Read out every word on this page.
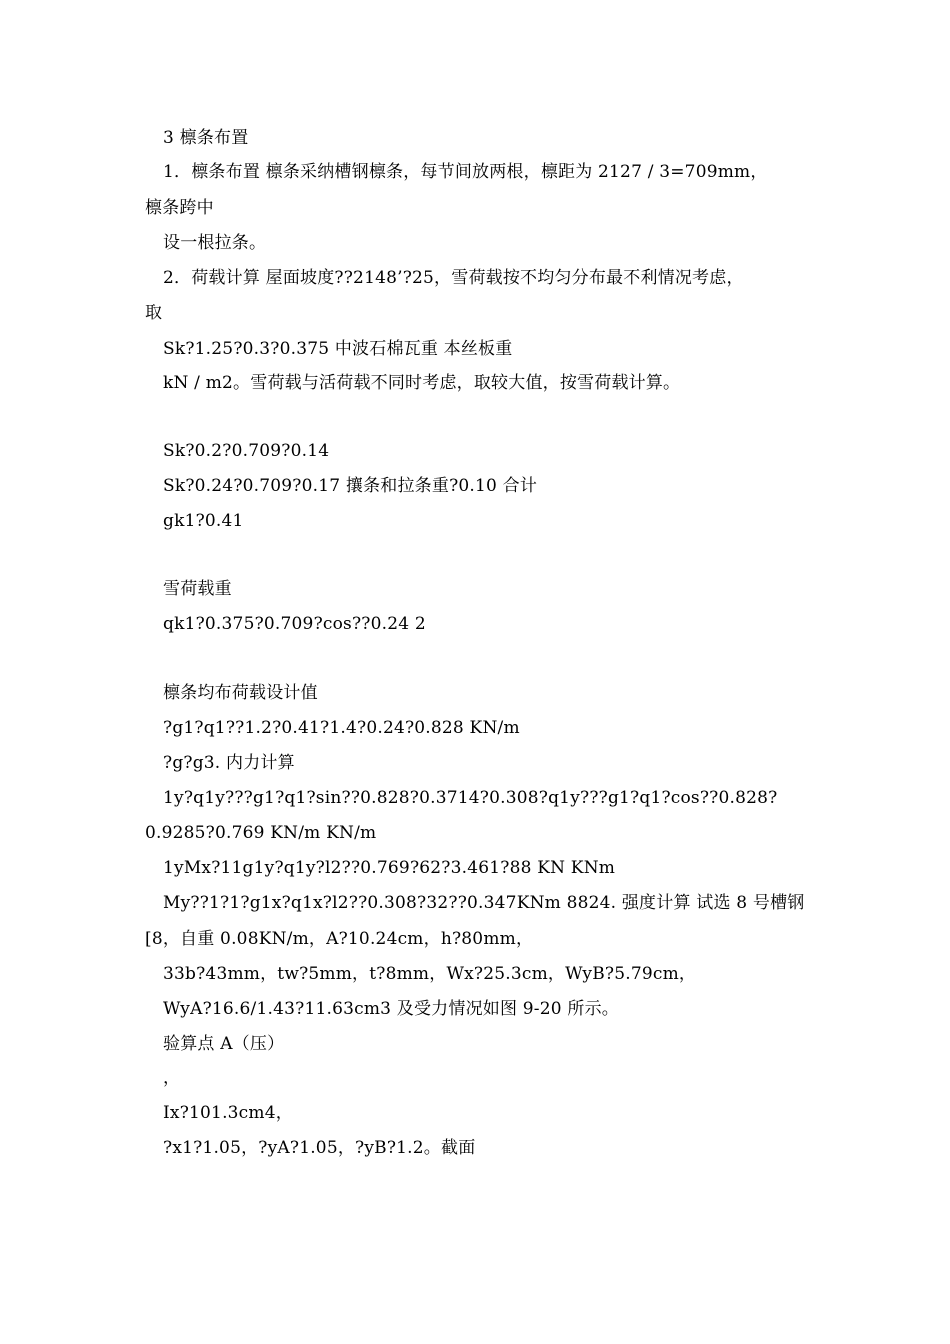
3 檩条布置
1．檩条布置 檩条采纳槽钢檩条，每节间放两根，檩距为 2127 / 3=709mm，
檩条跨中
设一根拉条。
2．荷载计算 屋面坡度??2148’?25，雪荷载按不均匀分布最不利情况考虑，
取
Sk?1.25?0.3?0.375 中波石棉瓦重 本丝板重
kN / m2。雪荷载与活荷载不同时考虑，取较大值，按雪荷载计算。
Sk?0.2?0.709?0.14
Sk?0.24?0.709?0.17 攘条和拉条重?0.10 合计
gk1?0.41
雪荷载重
qk1?0.375?0.709?cos??0.24 2
檩条均布荷载设计值
?g1?q1??1.2?0.41?1.4?0.24?0.828 KN/m
?g?g3. 内力计算
1y?q1y???g1?q1?sin??0.828?0.3714?0.308?q1y???g1?q1?cos??0.828?
0.9285?0.769 KN/m KN/m
1yMx?11g1y?q1y?l2??0.769?62?3.461?88 KN KNm
My??1?1?g1x?q1x?l2??0.308?32??0.347KNm 8824. 强度计算 试选 8 号槽钢
[8，自重 0.08KN/m，A?10.24cm，h?80mm，
33b?43mm，tw?5mm，t?8mm，Wx?25.3cm，WyB?5.79cm，
WyA?16.6/1.43?11.63cm3 及受力情况如图 9-20 所示。
验算点 A（压）
，
Ix?101.3cm4，
?x1?1.05，?yA?1.05，?yB?1.2。截面
